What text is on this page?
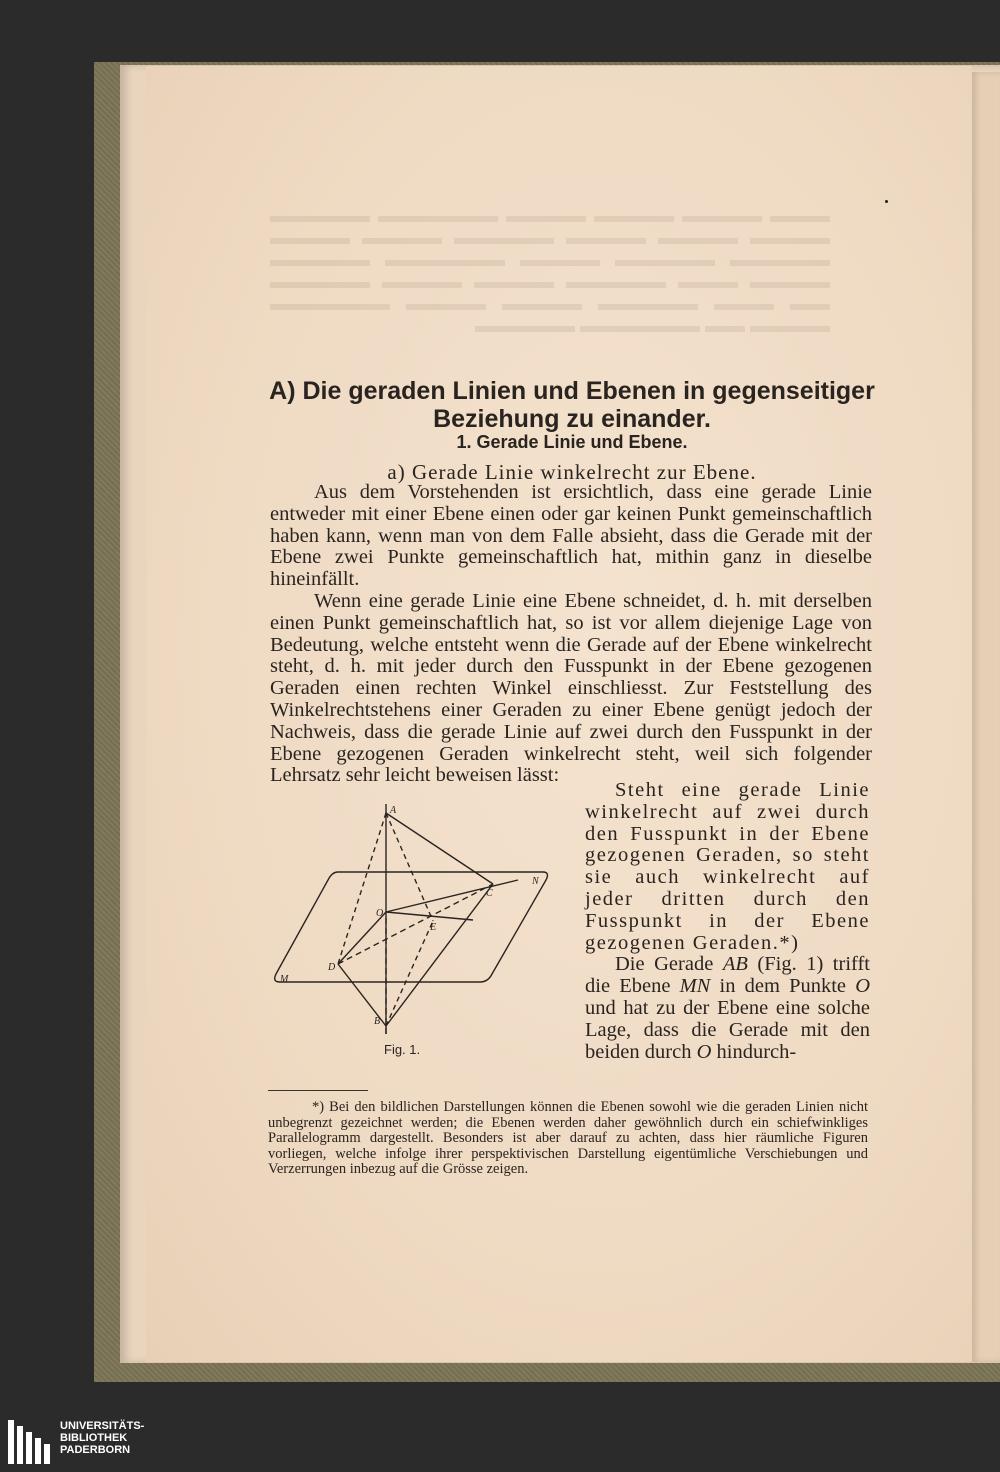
A) Die geraden Linien und Ebenen in gegenseitiger
Beziehung zu einander.
1. Gerade Linie und Ebene.
a) Gerade Linie winkelrecht zur Ebene.

Aus dem Vorstehenden ist ersichtlich, dass eine gerade Linie entweder mit einer Ebene einen oder gar keinen Punkt gemeinschaftlich haben kann, wenn man von dem Falle absieht, dass die Gerade mit der Ebene zwei Punkte gemeinschaftlich hat, mithin ganz in dieselbe hineinfällt.

Wenn eine gerade Linie eine Ebene schneidet, d. h. mit derselben einen Punkt gemeinschaftlich hat, so ist vor allem diejenige Lage von Bedeutung, welche entsteht wenn die Gerade auf der Ebene winkelrecht steht, d. h. mit jeder durch den Fusspunkt in der Ebene gezogenen Geraden einen rechten Winkel einschliesst. Zur Feststellung des Winkelrechtstehens einer Geraden zu einer Ebene genügt jedoch der Nachweis, dass die gerade Linie auf zwei durch den Fusspunkt in der Ebene gezogenen Geraden winkelrecht steht, weil sich folgender Lehrsatz sehr leicht beweisen lässt:

A
C
N
O
E
D
M
B
Fig. 1.

Steht eine gerade Linie winkelrecht auf zwei durch den Fusspunkt in der Ebene gezogenen Geraden, so steht sie auch winkelrecht auf jeder dritten durch den Fusspunkt in der Ebene gezogenen Geraden.*)

Die Gerade AB (Fig. 1) trifft die Ebene MN in dem Punkte O und hat zu der Ebene eine solche Lage, dass die Gerade mit den beiden durch O hindurch-

*) Bei den bildlichen Darstellungen können die Ebenen sowohl wie die geraden Linien nicht unbegrenzt gezeichnet werden; die Ebenen werden daher gewöhnlich durch ein schiefwinkliges Parallelogramm dargestellt. Besonders ist aber darauf zu achten, dass hier räumliche Figuren vorliegen, welche infolge ihrer perspektivischen Darstellung eigentümliche Verschiebungen und Verzerrungen inbezug auf die Grösse zeigen.

UNIVERSITÄTS-
BIBLIOTHEK
PADERBORN
